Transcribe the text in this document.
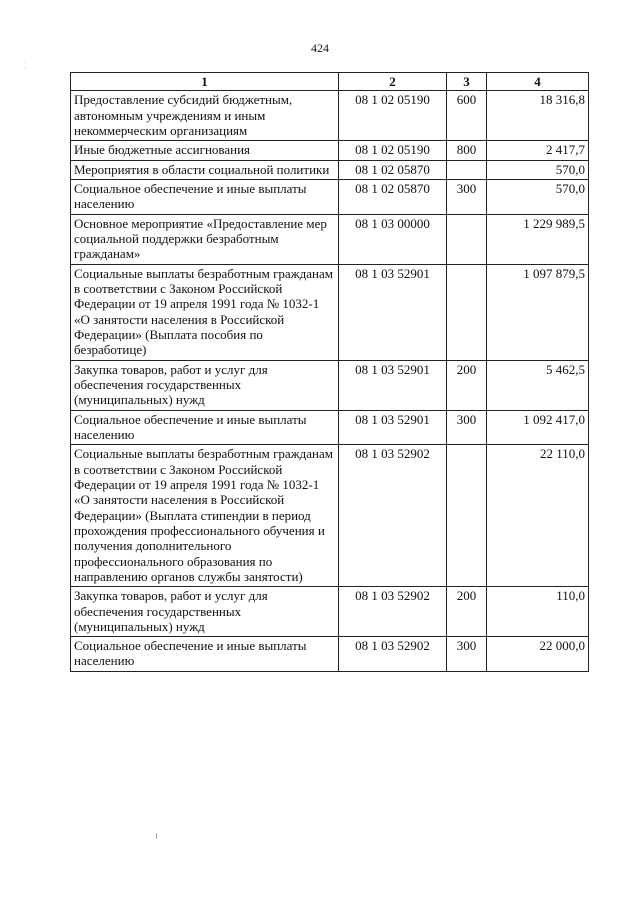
424
·
·
1	2	3	4
Предоставление субсидий бюджетным, автономным учреждениям и иным некоммерческим организациям	08 1 02 05190	600	18 316,8
Иные бюджетные ассигнования	08 1 02 05190	800	2 417,7
Мероприятия в области социальной политики	08 1 02 05870		570,0
Социальное обеспечение и иные выплаты населению	08 1 02 05870	300	570,0
Основное мероприятие «Предоставление мер социальной поддержки безработным гражданам»	08 1 03 00000		1 229 989,5
Социальные выплаты безработным гражданам в соответствии с Законом Российской Федерации от 19 апреля 1991 года № 1032-1 «О занятости населения в Российской Федерации» (Выплата пособия по безработице)	08 1 03 52901		1 097 879,5
Закупка товаров, работ и услуг для обеспечения государственных (муниципальных) нужд	08 1 03 52901	200	5 462,5
Социальное обеспечение и иные выплаты населению	08 1 03 52901	300	1 092 417,0
Социальные выплаты безработным гражданам в соответствии с Законом Российской Федерации от 19 апреля 1991 года № 1032-1 «О занятости населения в Российской Федерации» (Выплата стипендии в период прохождения профессионального обучения и получения дополнительного профессионального образования по направлению органов службы занятости)	08 1 03 52902		22 110,0
Закупка товаров, работ и услуг для обеспечения государственных (муниципальных) нужд	08 1 03 52902	200	110,0
Социальное обеспечение и иные выплаты населению	08 1 03 52902	300	22 000,0
